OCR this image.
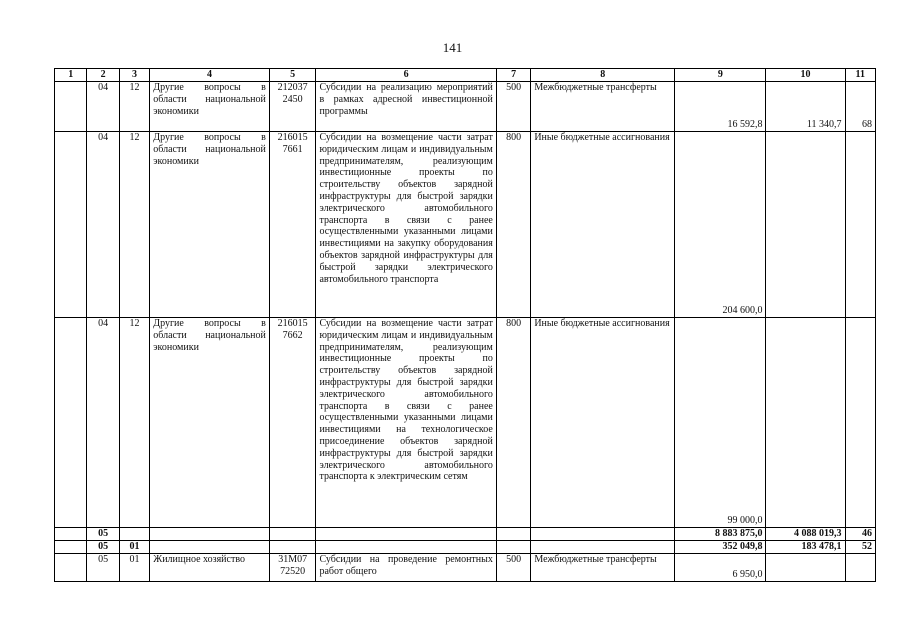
141
1	2	3	4	5	6	7	8	9	10	11
	04	12	Другие вопросы в области национальной экономики	212037 2450	Субсидии на реализацию мероприятий в рамках адресной инвестиционной программы	500	Межбюджетные трансферты	16 592,8	11 340,7	68
	04	12	Другие вопросы в области национальной экономики	216015 7661	Субсидии на возмещение части затрат юридическим лицам и индивидуальным предпринимателям, реализующим инвестиционные проекты по строительству объектов зарядной инфраструктуры для быстрой зарядки электрического автомобильного транспорта в связи с ранее осуществленными указанными лицами инвестициями на закупку оборудования объектов зарядной инфраструктуры для быстрой зарядки электрического автомобильного транспорта	800	Иные бюджетные ассигнования	204 600,0		
	04	12	Другие вопросы в области национальной экономики	216015 7662	Субсидии на возмещение части затрат юридическим лицам и индивидуальным предпринимателям, реализующим инвестиционные проекты по строительству объектов зарядной инфраструктуры для быстрой зарядки электрического автомобильного транспорта в связи с ранее осуществленными указанными лицами инвестициями на технологическое присоединение объектов зарядной инфраструктуры для быстрой зарядки электрического автомобильного транспорта к электрическим сетям	800	Иные бюджетные ассигнования	99 000,0		
	05							8 883 875,0	4 088 019,3	46
	05	01						352 049,8	183 478,1	52
	05	01	Жилищное хозяйство	31М07 72520	Субсидии на проведение ремонтных работ общего	500	Межбюджетные трансферты	6 950,0		
